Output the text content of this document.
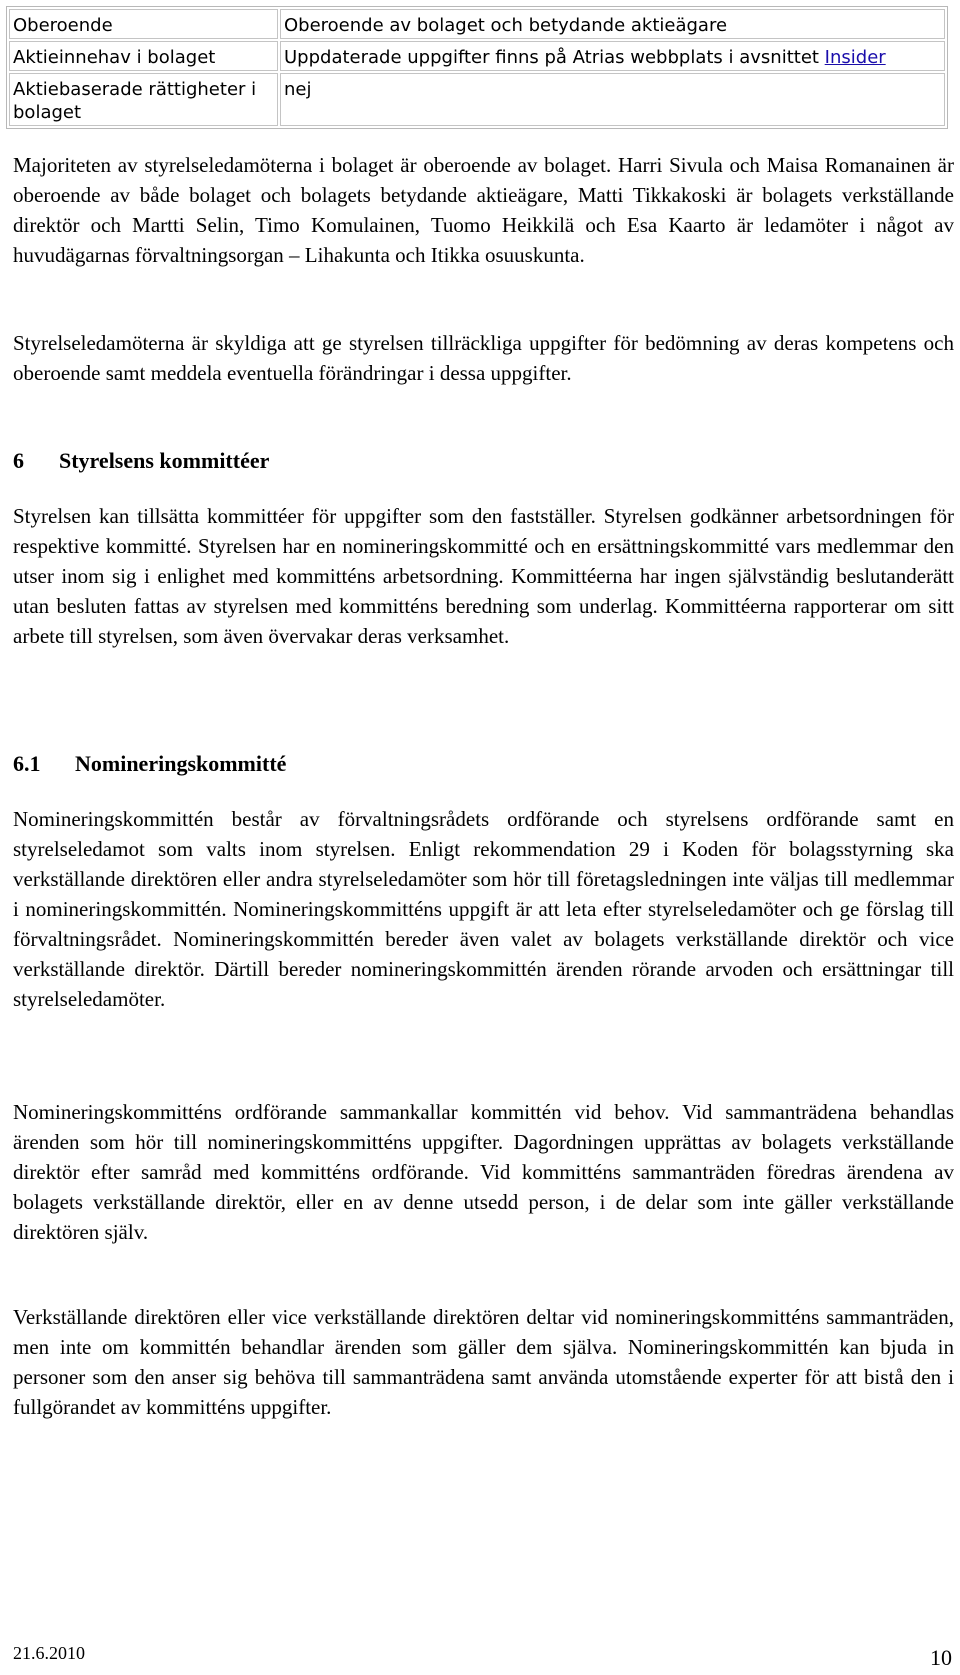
Oberoende	Oberoende av bolaget och betydande aktieägare
Aktieinnehav i bolaget	Uppdaterade uppgifter finns på Atrias webbplats i avsnittet Insider
Aktiebaserade rättigheter i bolaget	nej

Majoriteten av styrelseledamöterna i bolaget är oberoende av bolaget. Harri Sivula och Maisa Romanainen är oberoende av både bolaget och bolagets betydande aktieägare, Matti Tikkakoski är bolagets verkställande direktör och Martti Selin, Timo Komulainen, Tuomo Heikkilä och Esa Kaarto är ledamöter i något av huvudägarnas förvaltningsorgan – Lihakunta och Itikka osuuskunta.

Styrelseledamöterna är skyldiga att ge styrelsen tillräckliga uppgifter för bedömning av deras kompetens och oberoende samt meddela eventuella förändringar i dessa uppgifter.

6 Styrelsens kommittéer

Styrelsen kan tillsätta kommittéer för uppgifter som den fastställer. Styrelsen godkänner arbetsordningen för respektive kommitté. Styrelsen har en nomineringskommitté och en ersättningskommitté vars medlemmar den utser inom sig i enlighet med kommitténs arbetsordning. Kommittéerna har ingen självständig beslutanderätt utan besluten fattas av styrelsen med kommitténs beredning som underlag. Kommittéerna rapporterar om sitt arbete till styrelsen, som även övervakar deras verksamhet.

6.1 Nomineringskommitté

Nomineringskommittén består av förvaltningsrådets ordförande och styrelsens ordförande samt en styrelseledamot som valts inom styrelsen. Enligt rekommendation 29 i Koden för bolagsstyrning ska verkställande direktören eller andra styrelseledamöter som hör till företagsledningen inte väljas till medlemmar i nomineringskommittén. Nomineringskommitténs uppgift är att leta efter styrelseledamöter och ge förslag till förvaltningsrådet. Nomineringskommittén bereder även valet av bolagets verkställande direktör och vice verkställande direktör. Därtill bereder nomineringskommittén ärenden rörande arvoden och ersättningar till styrelseledamöter.

Nomineringskommitténs ordförande sammankallar kommittén vid behov. Vid sammanträdena behandlas ärenden som hör till nomineringskommitténs uppgifter. Dagordningen upprättas av bolagets verkställande direktör efter samråd med kommitténs ordförande. Vid kommitténs sammanträden föredras ärendena av bolagets verkställande direktör, eller en av denne utsedd person, i de delar som inte gäller verkställande direktören själv.

Verkställande direktören eller vice verkställande direktören deltar vid nomineringskommitténs sammanträden, men inte om kommittén behandlar ärenden som gäller dem själva. Nomineringskommittén kan bjuda in personer som den anser sig behöva till sammanträdena samt använda utomstående experter för att bistå den i fullgörandet av kommitténs uppgifter.

21.6.2010	10
